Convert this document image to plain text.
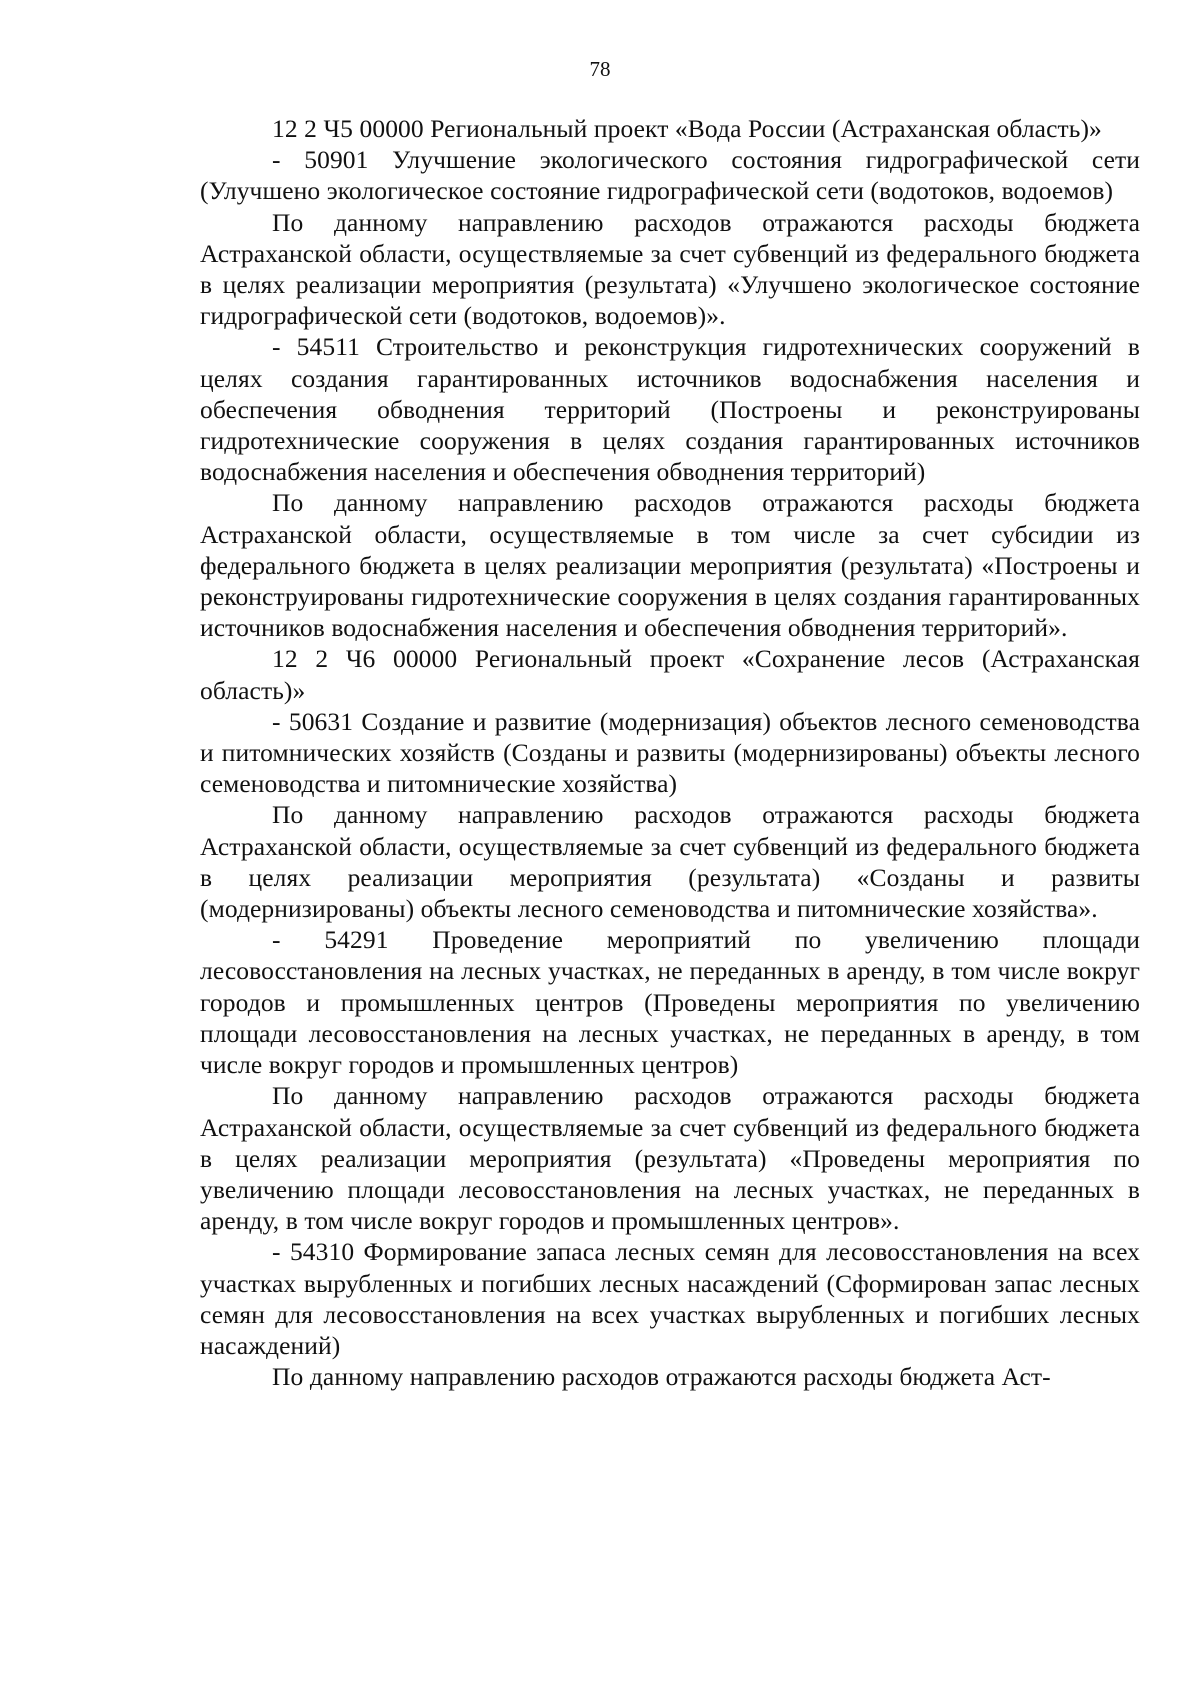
78

12 2 Ч5 00000 Региональный проект «Вода России (Астраханская область)»

- 50901 Улучшение экологического состояния гидрографической сети (Улучшено экологическое состояние гидрографической сети (водотоков, водоемов)

По данному направлению расходов отражаются расходы бюджета Астраханской области, осуществляемые за счет субвенций из федерального бюджета в целях реализации мероприятия (результата) «Улучшено экологическое состояние гидрографической сети (водотоков, водоемов)».

- 54511 Строительство и реконструкция гидротехнических сооружений в целях создания гарантированных источников водоснабжения населения и обеспечения обводнения территорий (Построены и реконструированы гидротехнические сооружения в целях создания гарантированных источников водоснабжения населения и обеспечения обводнения территорий)

По данному направлению расходов отражаются расходы бюджета Астраханской области, осуществляемые в том числе за счет субсидии из федерального бюджета в целях реализации мероприятия (результата) «Построены и реконструированы гидротехнические сооружения в целях создания гарантированных источников водоснабжения населения и обеспечения обводнения территорий».

12 2 Ч6 00000 Региональный проект «Сохранение лесов (Астраханская область)»

- 50631 Создание и развитие (модернизация) объектов лесного семеноводства и питомнических хозяйств (Созданы и развиты (модернизированы) объекты лесного семеноводства и питомнические хозяйства)

По данному направлению расходов отражаются расходы бюджета Астраханской области, осуществляемые за счет субвенций из федерального бюджета в целях реализации мероприятия (результата) «Созданы и развиты (модернизированы) объекты лесного семеноводства и питомнические хозяйства».

- 54291 Проведение мероприятий по увеличению площади лесовосстановления на лесных участках, не переданных в аренду, в том числе вокруг городов и промышленных центров (Проведены мероприятия по увеличению площади лесовосстановления на лесных участках, не переданных в аренду, в том числе вокруг городов и промышленных центров)

По данному направлению расходов отражаются расходы бюджета Астраханской области, осуществляемые за счет субвенций из федерального бюджета в целях реализации мероприятия (результата) «Проведены мероприятия по увеличению площади лесовосстановления на лесных участках, не переданных в аренду, в том числе вокруг городов и промышленных центров».

- 54310 Формирование запаса лесных семян для лесовосстановления на всех участках вырубленных и погибших лесных насаждений (Сформирован запас лесных семян для лесовосстановления на всех участках вырубленных и погибших лесных насаждений)

По данному направлению расходов отражаются расходы бюджета Аст-
